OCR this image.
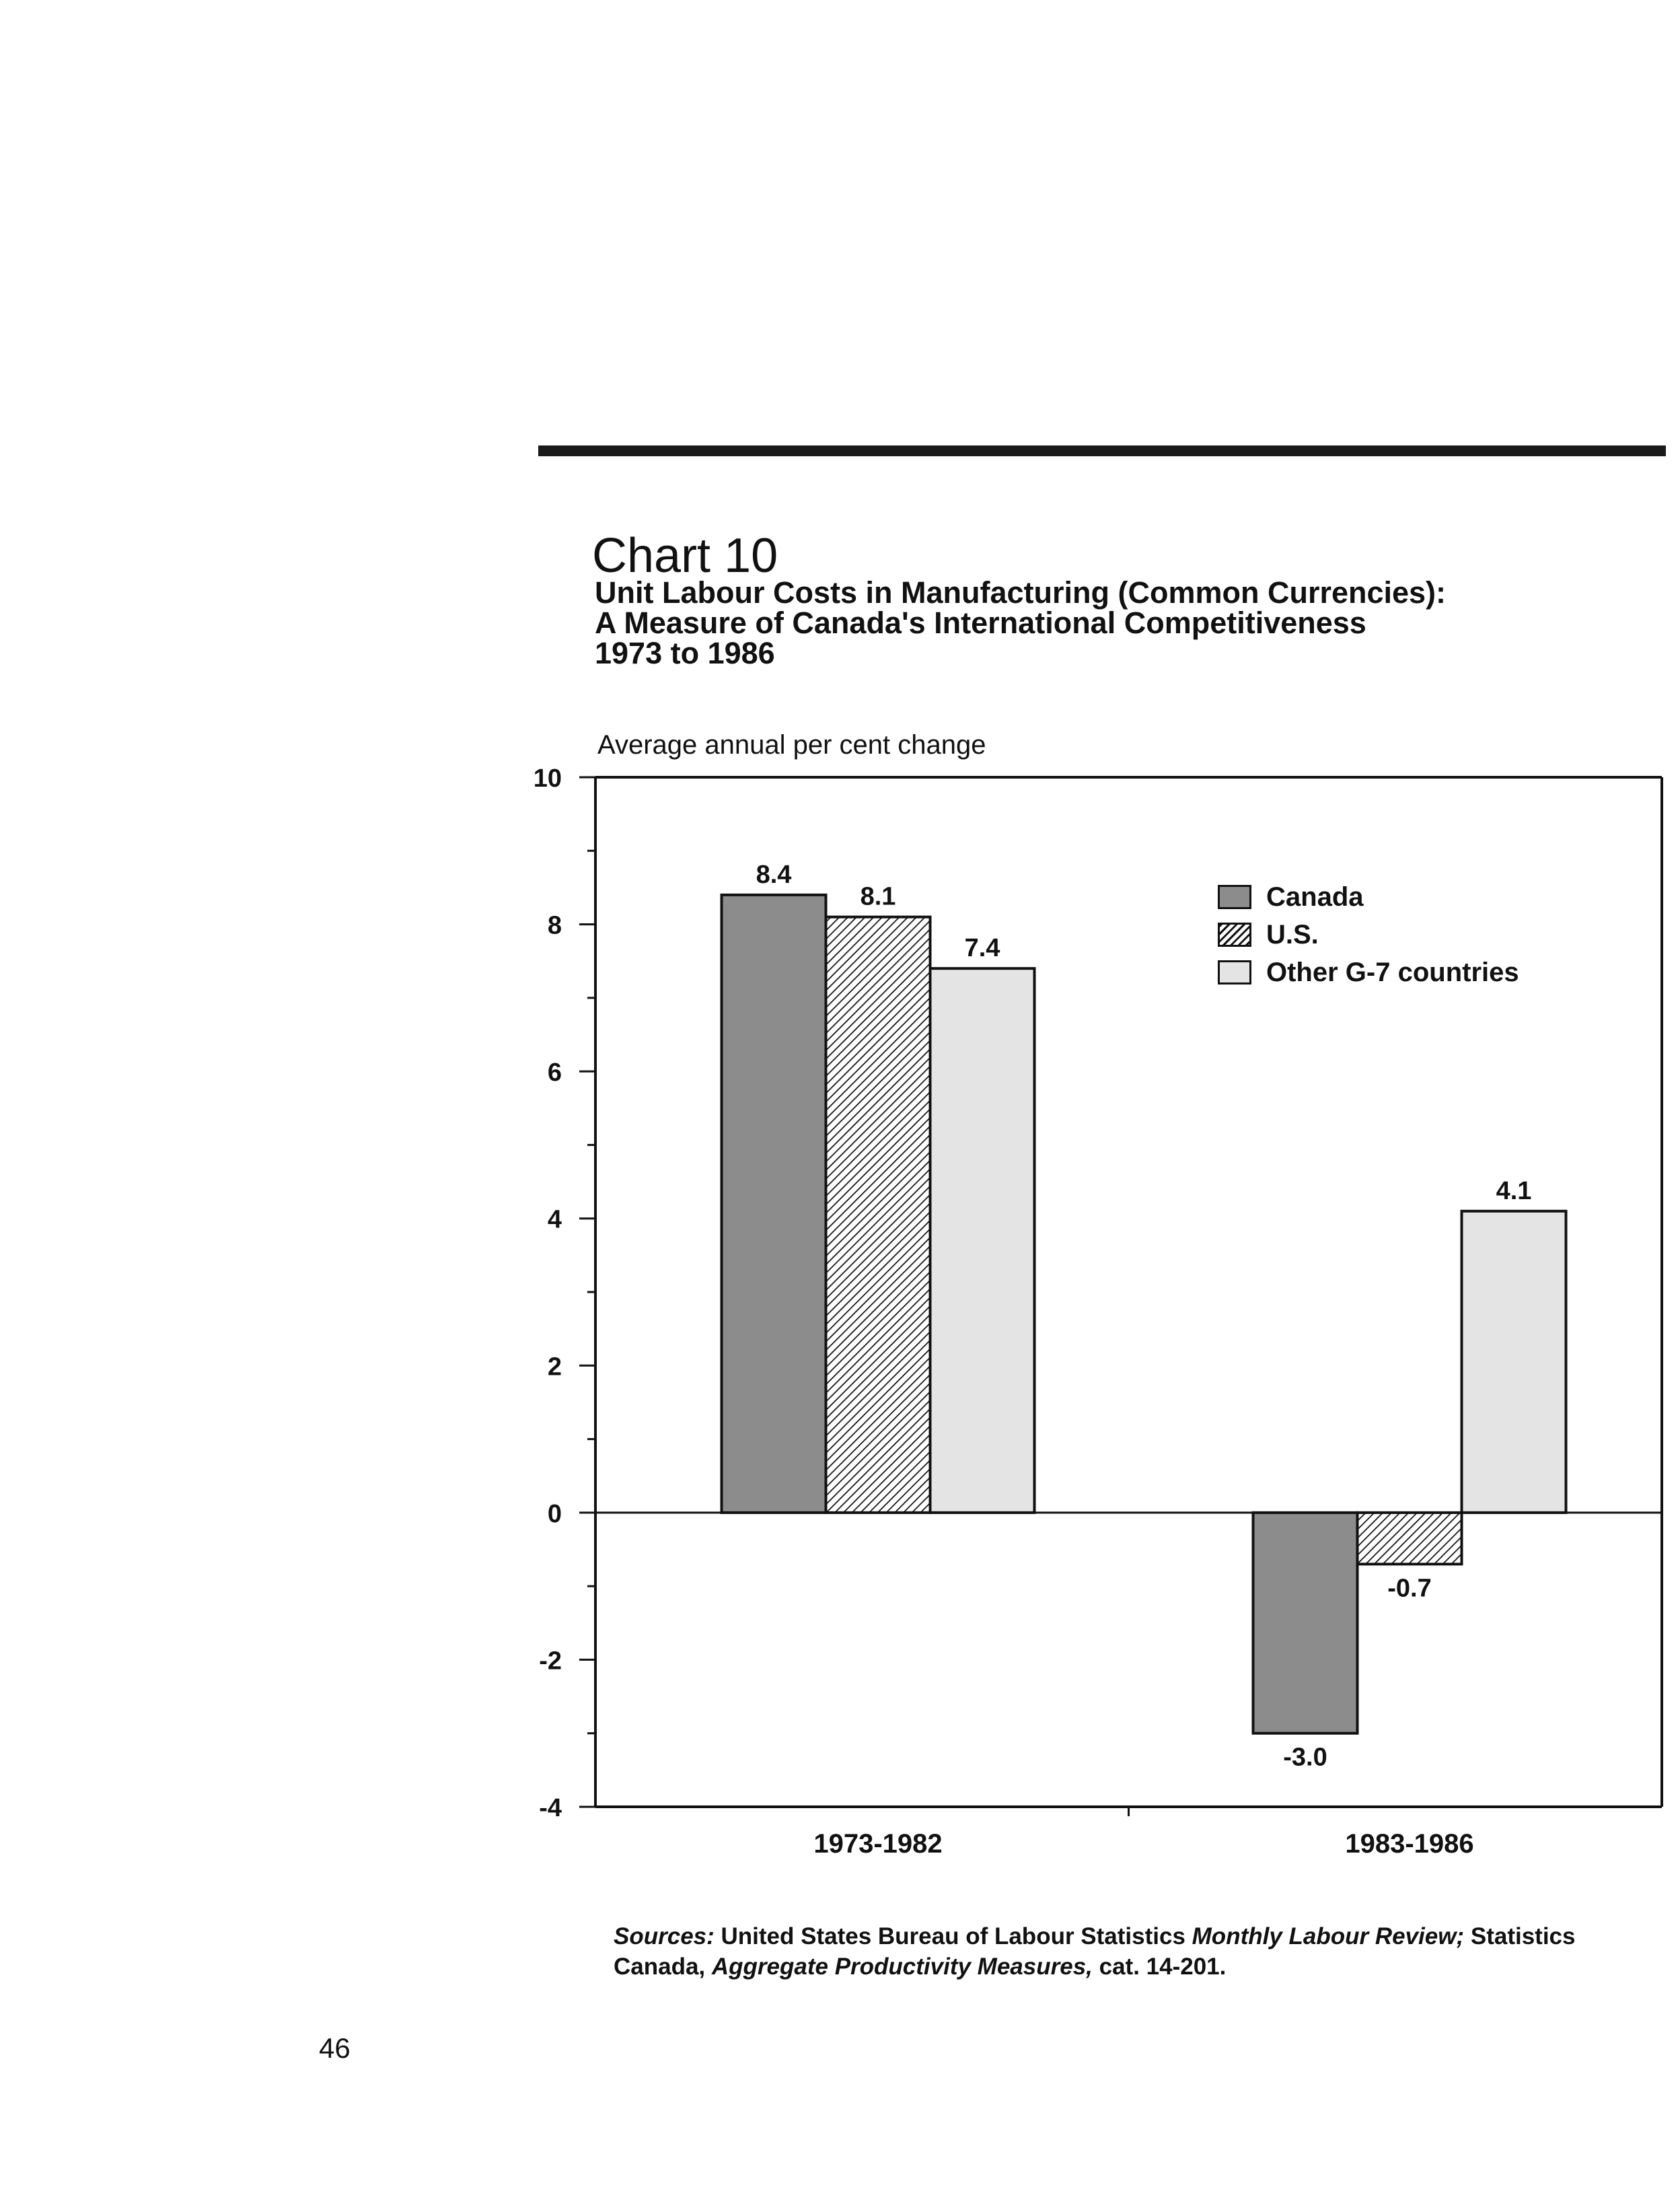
Chart 10
Unit Labour Costs in Manufacturing (Common Currencies):
A Measure of Canada's International Competitiveness
1973 to 1986
Average annual per cent change
8.4
-3.0
8.1
-0.7
7.4
4.1
-4
-2
0
2
4
6
8
10
1973-1982	1983-1986
Canada
U.S.
Other G-7 countries
Sources: United States Bureau of Labour Statistics Monthly Labour Review; Statistics Canada, Aggregate Productivity Measures, cat. 14-201.
46
